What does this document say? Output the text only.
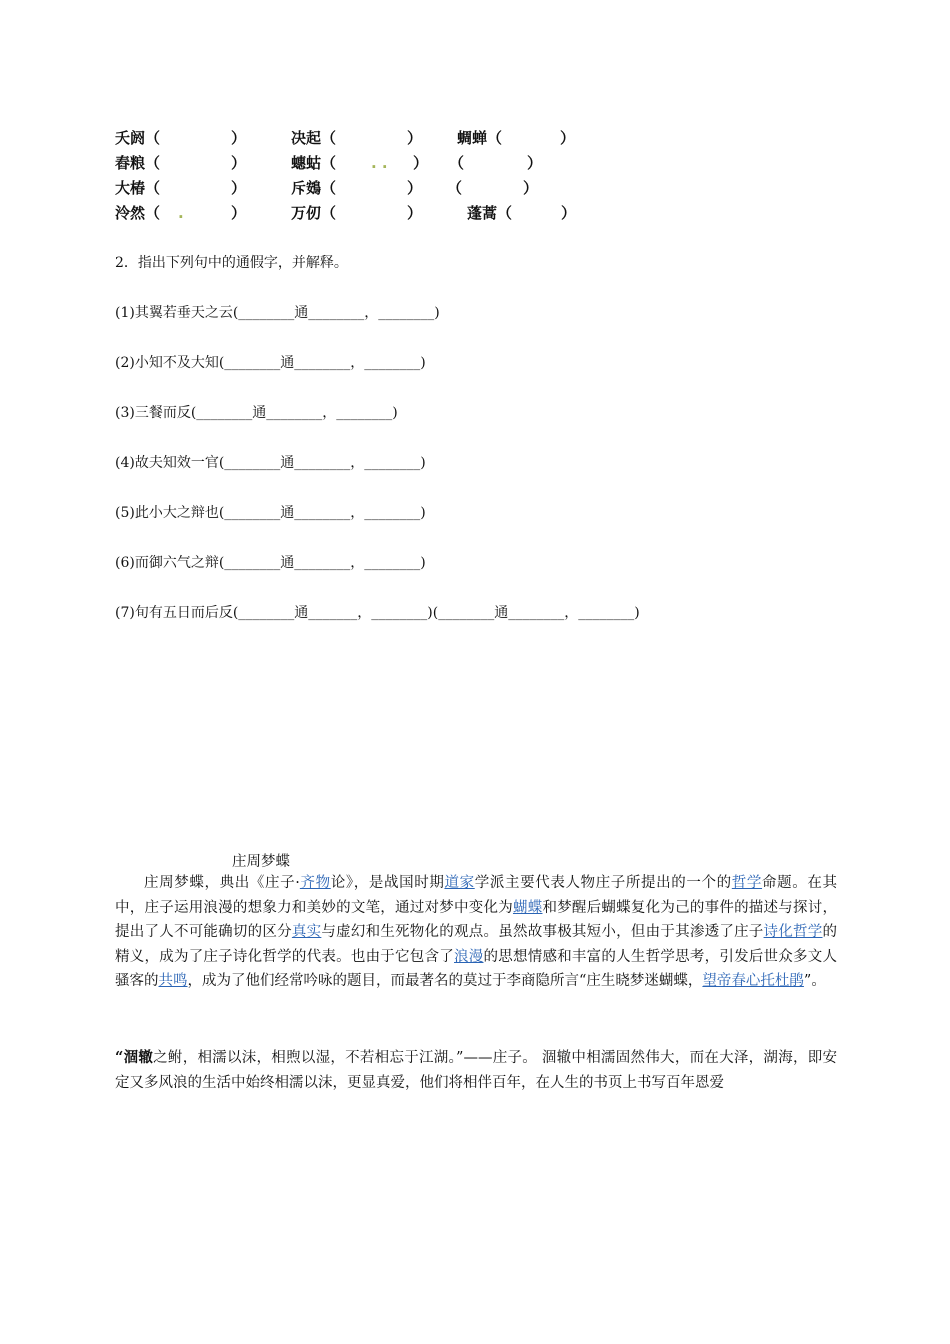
夭阏（	）	决起（	） 蜩蝉（	）
舂粮（	）	蟪蛄（ . . ） （	）
大椿（	）	斥鴳（	） （	）
泠然（ .	）	万仞（	）	蓬蒿（	）
2．指出下列句中的通假字，并解释。
(1)其翼若垂天之云(________通________，________)
(2)小知不及大知(________通________，________)
(3)三餐而反(________通________，________)
(4)故夫知效一官(________通________，________)
(5)此小大之辩也(________通________，________)
(6)而御六气之辩(________通________，________)
(7)旬有五日而后反(________通_______，________)(________通________，________)
庄周梦蝶
庄周梦蝶，典出《庄子·齐物论》，是战国时期道家学派主要代表人物庄子所提出的一个的哲学命题。在其中，庄子运用浪漫的想象力和美妙的文笔，通过对梦中变化为蝴蝶和梦醒后蝴蝶复化为己的事件的描述与探讨，提出了人不可能确切的区分真实与虚幻和生死物化的观点。虽然故事极其短小，但由于其渗透了庄子诗化哲学的精义，成为了庄子诗化哲学的代表。也由于它包含了浪漫的思想情感和丰富的人生哲学思考，引发后世众多文人骚客的共鸣，成为了他们经常吟咏的题目，而最著名的莫过于李商隐所言“庄生晓梦迷蝴蝶，望帝春心托杜鹃”。
“涸辙之鲋，相濡以沫，相煦以湿，不若相忘于江湖。”——庄子。 涸辙中相濡固然伟大，而在大泽，湖海，即安定又多风浪的生活中始终相濡以沫，更显真爱，他们将相伴百年，在人生的书页上书写百年恩爱
